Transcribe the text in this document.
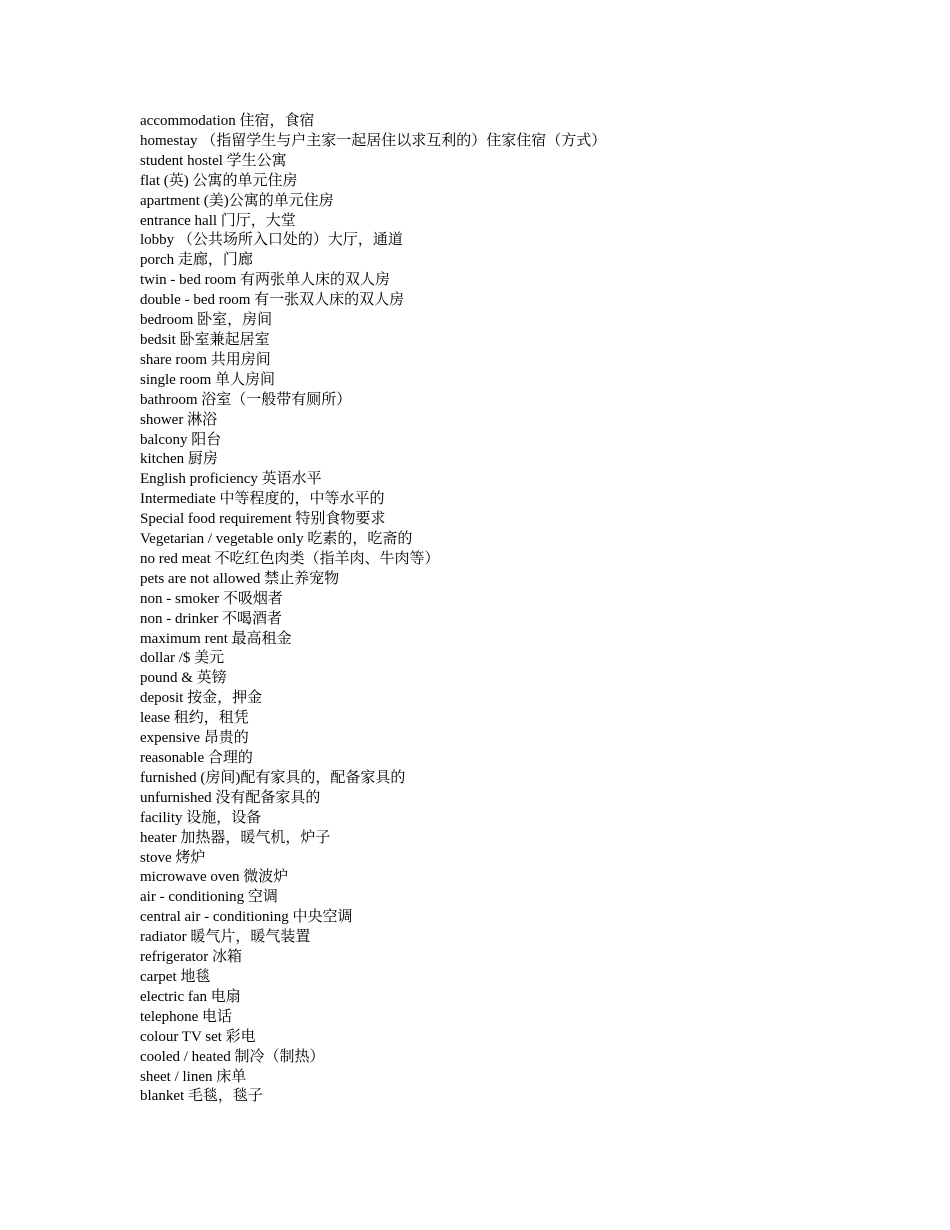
accommodation 住宿，食宿
homestay （指留学生与户主家一起居住以求互利的）住家住宿（方式）
student hostel 学生公寓
flat (英) 公寓的单元住房
apartment (美)公寓的单元住房
entrance hall 门厅，大堂
lobby （公共场所入口处的）大厅，通道
porch 走廊，门廊
twin - bed room 有两张单人床的双人房
double - bed room 有一张双人床的双人房
bedroom 卧室，房间
bedsit 卧室兼起居室
share room 共用房间
single room 单人房间
bathroom 浴室（一般带有厕所）
shower 淋浴
balcony 阳台
kitchen 厨房
English proficiency 英语水平
Intermediate 中等程度的，中等水平的
Special food requirement 特别食物要求
Vegetarian / vegetable only 吃素的，吃斋的
no red meat 不吃红色肉类（指羊肉、牛肉等）
pets are not allowed 禁止养宠物
non - smoker 不吸烟者
non - drinker 不喝酒者
maximum rent 最高租金
dollar /$ 美元
pound & 英镑
deposit 按金，押金
lease 租约，租凭
expensive 昂贵的
reasonable 合理的
furnished (房间)配有家具的，配备家具的
unfurnished 没有配备家具的
facility 设施，设备
heater 加热器，暖气机，炉子
stove 烤炉
microwave oven 微波炉
air - conditioning 空调
central air - conditioning 中央空调
radiator 暖气片，暖气装置
refrigerator 冰箱
carpet 地毯
electric fan 电扇
telephone 电话
colour TV set 彩电
cooled / heated 制冷（制热）
sheet / linen 床单
blanket 毛毯，毯子
